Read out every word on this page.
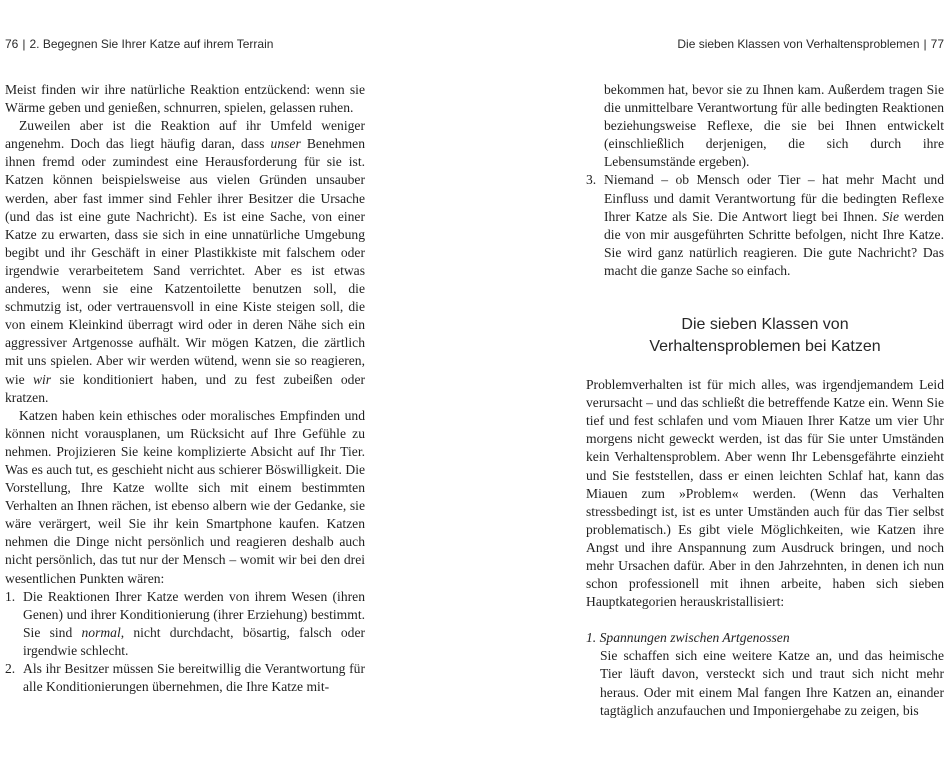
76 | 2. Begegnen Sie Ihrer Katze auf ihrem Terrain	Die sieben Klassen von Verhaltensproblemen | 77

Meist finden wir ihre natürliche Reaktion entzückend: wenn sie Wärme geben und genießen, schnurren, spielen, gelassen ruhen.

Zuweilen aber ist die Reaktion auf ihr Umfeld weniger angenehm. Doch das liegt häufig daran, dass unser Benehmen ihnen fremd oder zumindest eine Herausforderung für sie ist. Katzen können beispielsweise aus vielen Gründen unsauber werden, aber fast immer sind Fehler ihrer Besitzer die Ursache (und das ist eine gute Nachricht). Es ist eine Sache, von einer Katze zu erwarten, dass sie sich in eine unnatürliche Umgebung begibt und ihr Geschäft in einer Plastikkiste mit falschem oder irgendwie verarbeitetem Sand verrichtet. Aber es ist etwas anderes, wenn sie eine Katzentoilette benutzen soll, die schmutzig ist, oder vertrauensvoll in eine Kiste steigen soll, die von einem Kleinkind überragt wird oder in deren Nähe sich ein aggressiver Artgenosse aufhält. Wir mögen Katzen, die zärtlich mit uns spielen. Aber wir werden wütend, wenn sie so reagieren, wie wir sie konditioniert haben, und zu fest zubeißen oder kratzen.

Katzen haben kein ethisches oder moralisches Empfinden und können nicht vorausplanen, um Rücksicht auf Ihre Gefühle zu nehmen. Projizieren Sie keine komplizierte Absicht auf Ihr Tier. Was es auch tut, es geschieht nicht aus schierer Böswilligkeit. Die Vorstellung, Ihre Katze wollte sich mit einem bestimmten Verhalten an Ihnen rächen, ist ebenso albern wie der Gedanke, sie wäre verärgert, weil Sie ihr kein Smartphone kaufen. Katzen nehmen die Dinge nicht persönlich und reagieren deshalb auch nicht persönlich, das tut nur der Mensch – womit wir bei den drei wesentlichen Punkten wären:

1. Die Reaktionen Ihrer Katze werden von ihrem Wesen (ihren Genen) und ihrer Konditionierung (ihrer Erziehung) bestimmt. Sie sind normal, nicht durchdacht, bösartig, falsch oder irgendwie schlecht.
2. Als ihr Besitzer müssen Sie bereitwillig die Verantwortung für alle Konditionierungen übernehmen, die Ihre Katze mit-

bekommen hat, bevor sie zu Ihnen kam. Außerdem tragen Sie die unmittelbare Verantwortung für alle bedingten Reaktionen beziehungsweise Reflexe, die sie bei Ihnen entwickelt (einschließlich derjenigen, die sich durch ihre Lebensumstände ergeben).

3. Niemand – ob Mensch oder Tier – hat mehr Macht und Einfluss und damit Verantwortung für die bedingten Reflexe Ihrer Katze als Sie. Die Antwort liegt bei Ihnen. Sie werden die von mir ausgeführten Schritte befolgen, nicht Ihre Katze. Sie wird ganz natürlich reagieren. Die gute Nachricht? Das macht die ganze Sache so einfach.
Die sieben Klassen von
Verhaltensproblemen bei Katzen

Problemverhalten ist für mich alles, was irgendjemandem Leid verursacht – und das schließt die betreffende Katze ein. Wenn Sie tief und fest schlafen und vom Miauen Ihrer Katze um vier Uhr morgens nicht geweckt werden, ist das für Sie unter Umständen kein Verhaltensproblem. Aber wenn Ihr Lebensgefährte einzieht und Sie feststellen, dass er einen leichten Schlaf hat, kann das Miauen zum »Problem« werden. (Wenn das Verhalten stressbedingt ist, ist es unter Umständen auch für das Tier selbst problematisch.) Es gibt viele Möglichkeiten, wie Katzen ihre Angst und ihre Anspannung zum Ausdruck bringen, und noch mehr Ursachen dafür. Aber in den Jahrzehnten, in denen ich nun schon professionell mit ihnen arbeite, haben sich sieben Hauptkategorien herauskristallisiert:

1. Spannungen zwischen Artgenossen

Sie schaffen sich eine weitere Katze an, und das heimische Tier läuft davon, versteckt sich und traut sich nicht mehr heraus. Oder mit einem Mal fangen Ihre Katzen an, einander tagtäglich anzufauchen und Imponiergehabe zu zeigen, bis
